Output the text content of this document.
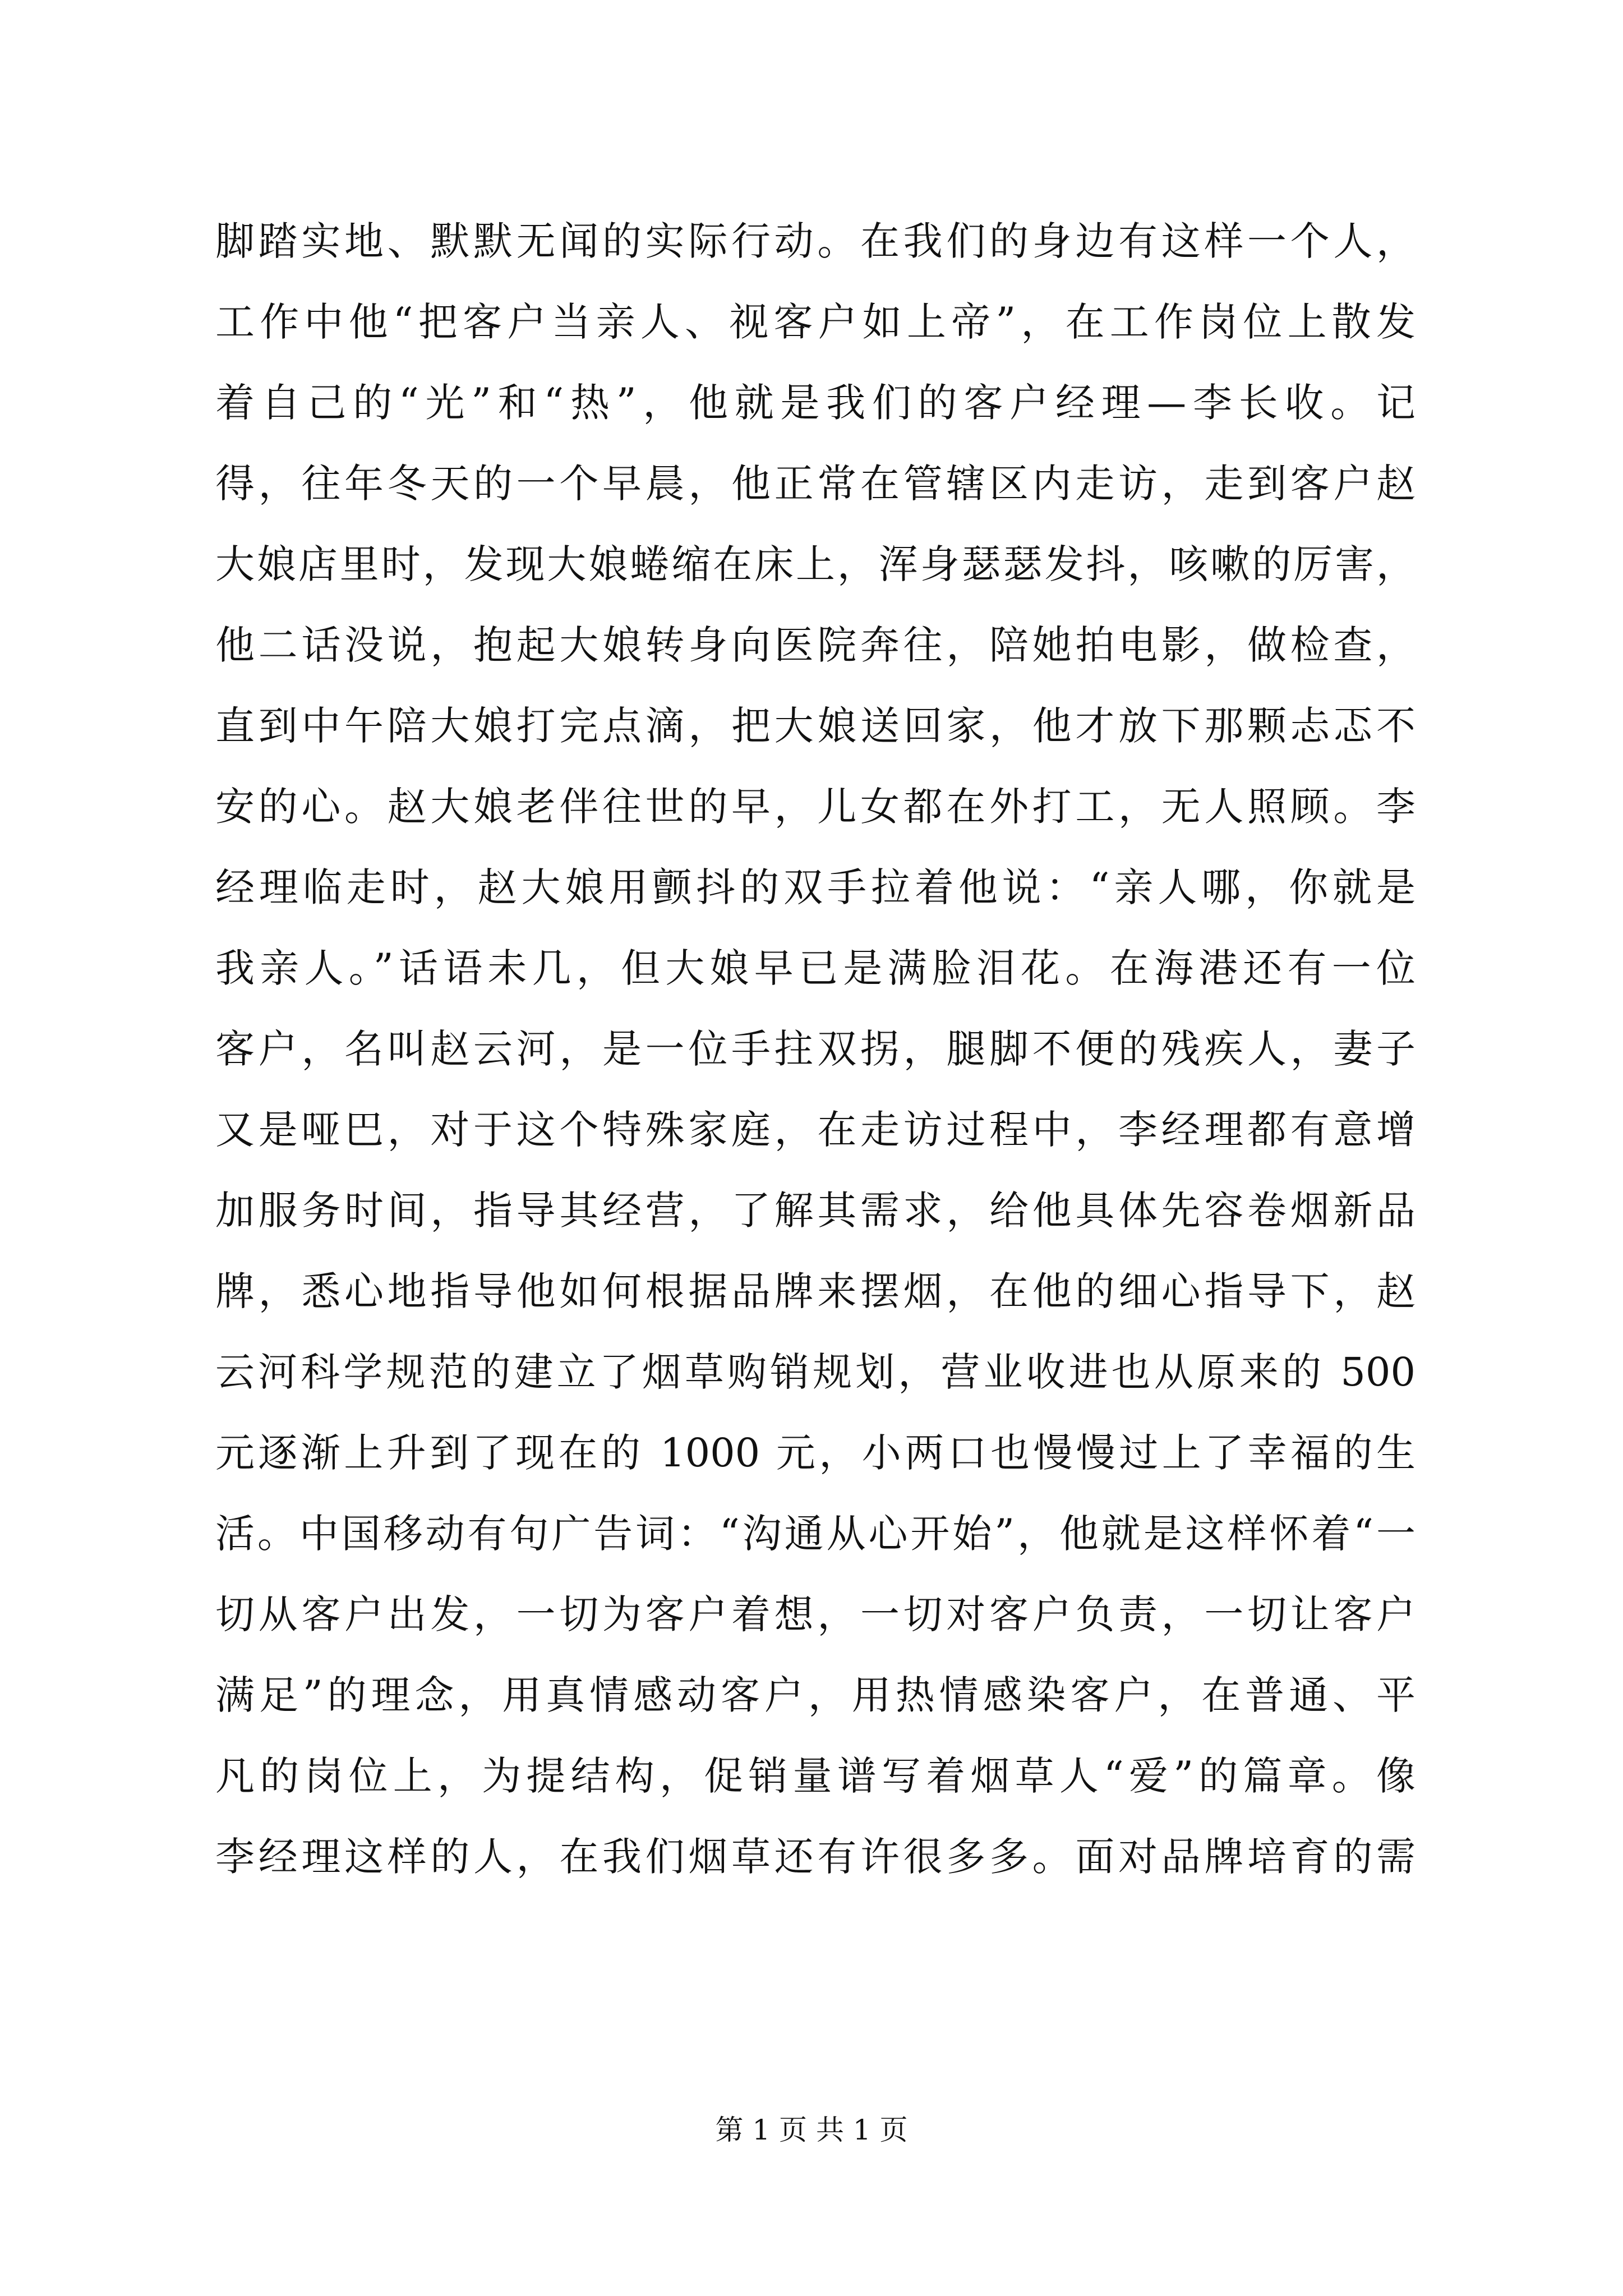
脚踏实地、默默无闻的实际行动。在我们的身边有这样一个人，

工作中他“把客户当亲人、视客户如上帝”，在工作岗位上散发

着自己的“光”和“热”，他就是我们的客户经理—李长收。记

得，往年冬天的一个早晨，他正常在管辖区内走访，走到客户赵

大娘店里时，发现大娘蜷缩在床上，浑身瑟瑟发抖，咳嗽的厉害，

他二话没说，抱起大娘转身向医院奔往，陪她拍电影，做检查，

直到中午陪大娘打完点滴，把大娘送回家，他才放下那颗忐忑不

安的心。赵大娘老伴往世的早，儿女都在外打工，无人照顾。李

经理临走时，赵大娘用颤抖的双手拉着他说：“亲人哪，你就是

我亲人。”话语未几，但大娘早已是满脸泪花。在海港还有一位

客户，名叫赵云河，是一位手拄双拐，腿脚不便的残疾人，妻子

又是哑巴，对于这个特殊家庭，在走访过程中，李经理都有意增

加服务时间，指导其经营，了解其需求，给他具体先容卷烟新品

牌，悉心地指导他如何根据品牌来摆烟，在他的细心指导下，赵

云河科学规范的建立了烟草购销规划，营业收进也从原来的 500

元逐渐上升到了现在的 1000 元，小两口也慢慢过上了幸福的生

活。中国移动有句广告词：“沟通从心开始”，他就是这样怀着“一

切从客户出发，一切为客户着想，一切对客户负责，一切让客户

满足”的理念，用真情感动客户，用热情感染客户，在普通、平

凡的岗位上，为提结构，促销量谱写着烟草人“爱”的篇章。像

李经理这样的人，在我们烟草还有许很多多。面对品牌培育的需

第 1 页 共 1 页
